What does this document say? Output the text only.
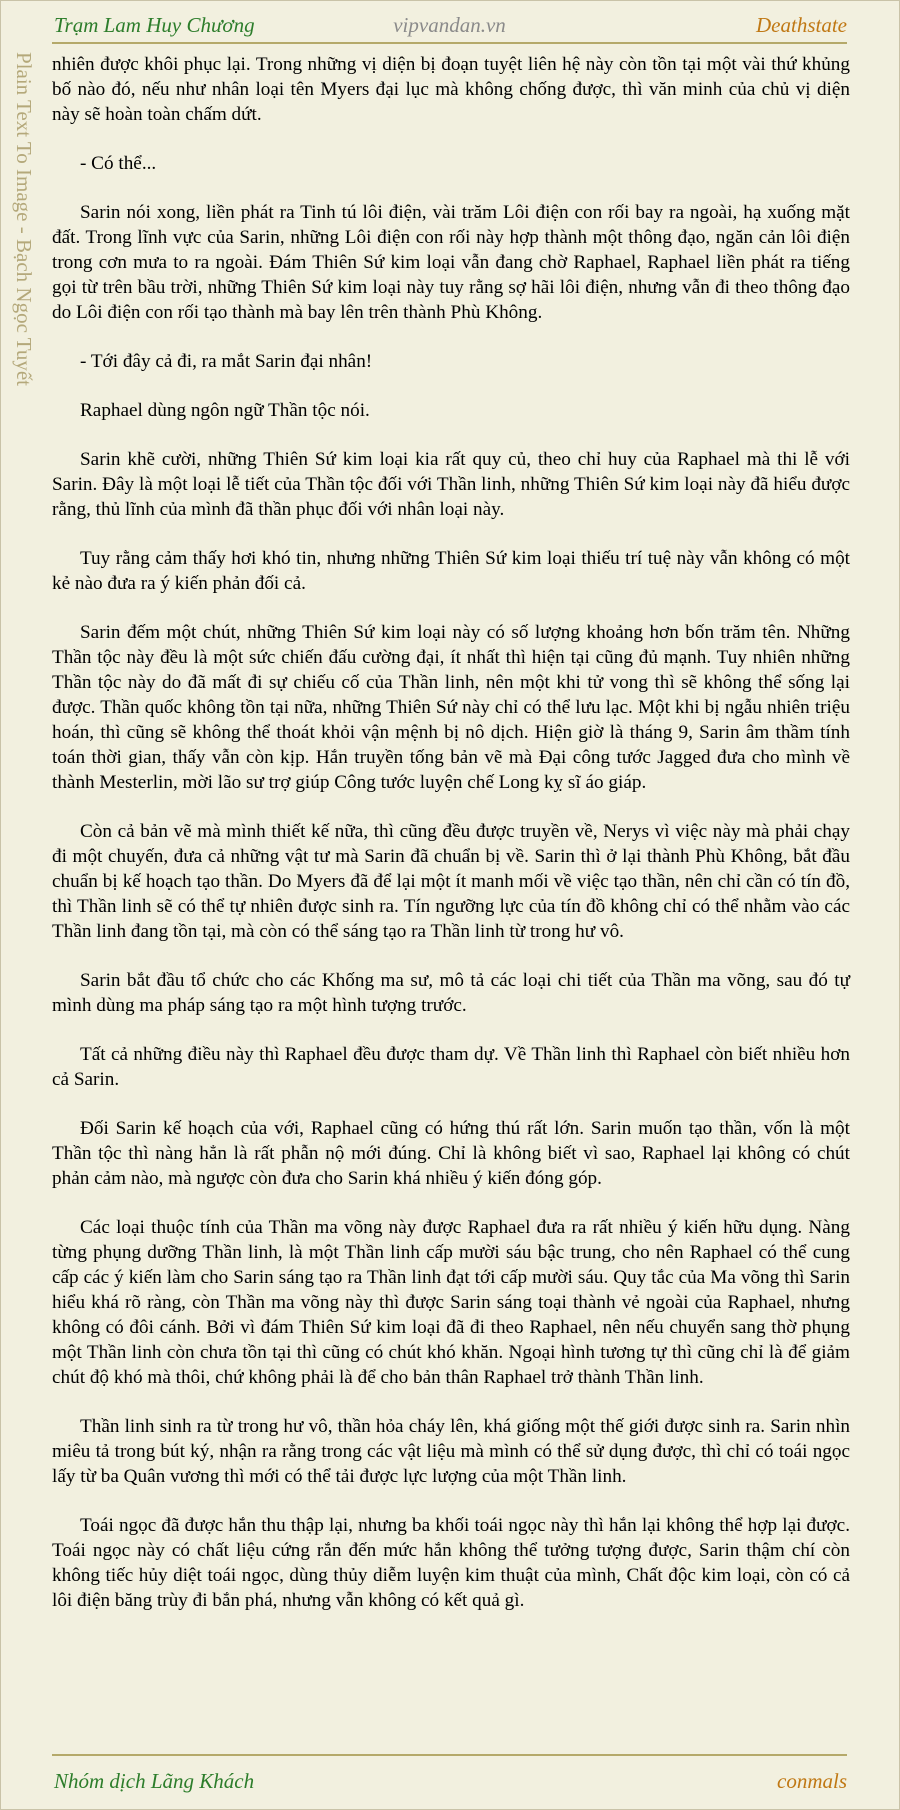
Trạm Lam Huy Chương	vipvandan.vn	Deathstate
Plain Text To Image - Bạch Ngọc Tuyết nhiên được khôi phục lại. Trong những vị diện bị đoạn tuyệt liên hệ này còn tồn tại một vài thứ khủng bố nào đó, nếu như nhân loại tên Myers đại lục mà không chống được, thì văn minh của chủ vị diện này sẽ hoàn toàn chấm dứt.

- Có thể...

Sarin nói xong, liền phát ra Tinh tú lôi điện, vài trăm Lôi điện con rối bay ra ngoài, hạ xuống mặt đất. Trong lĩnh vực của Sarin, những Lôi điện con rối này hợp thành một thông đạo, ngăn cản lôi điện trong cơn mưa to ra ngoài. Đám Thiên Sứ kim loại vẫn đang chờ Raphael, Raphael liền phát ra tiếng gọi từ trên bầu trời, những Thiên Sứ kim loại này tuy rằng sợ hãi lôi điện, nhưng vẫn đi theo thông đạo do Lôi điện con rối tạo thành mà bay lên trên thành Phù Không.

- Tới đây cả đi, ra mắt Sarin đại nhân!

Raphael dùng ngôn ngữ Thần tộc nói.

Sarin khẽ cười, những Thiên Sứ kim loại kia rất quy củ, theo chỉ huy của Raphael mà thi lễ với Sarin. Đây là một loại lễ tiết của Thần tộc đối với Thần linh, những Thiên Sứ kim loại này đã hiểu được rằng, thủ lĩnh của mình đã thần phục đối với nhân loại này.

Tuy rằng cảm thấy hơi khó tin, nhưng những Thiên Sứ kim loại thiếu trí tuệ này vẫn không có một kẻ nào đưa ra ý kiến phản đối cả.

Sarin đếm một chút, những Thiên Sứ kim loại này có số lượng khoảng hơn bốn trăm tên. Những Thần tộc này đều là một sức chiến đấu cường đại, ít nhất thì hiện tại cũng đủ mạnh. Tuy nhiên những Thần tộc này do đã mất đi sự chiếu cố của Thần linh, nên một khi tử vong thì sẽ không thể sống lại được. Thần quốc không tồn tại nữa, những Thiên Sứ này chỉ có thể lưu lạc. Một khi bị ngẫu nhiên triệu hoán, thì cũng sẽ không thể thoát khỏi vận mệnh bị nô dịch. Hiện giờ là tháng 9, Sarin âm thầm tính toán thời gian, thấy vẫn còn kịp. Hắn truyền tống bản vẽ mà Đại công tước Jagged đưa cho mình về thành Mesterlin, mời lão sư trợ giúp Công tước luyện chế Long kỵ sĩ áo giáp.

Còn cả bản vẽ mà mình thiết kế nữa, thì cũng đều được truyền về, Nerys vì việc này mà phải chạy đi một chuyến, đưa cả những vật tư mà Sarin đã chuẩn bị về. Sarin thì ở lại thành Phù Không, bắt đầu chuẩn bị kế hoạch tạo thần. Do Myers đã để lại một ít manh mối về việc tạo thần, nên chỉ cần có tín đồ, thì Thần linh sẽ có thể tự nhiên được sinh ra. Tín ngưỡng lực của tín đồ không chỉ có thể nhằm vào các Thần linh đang tồn tại, mà còn có thể sáng tạo ra Thần linh từ trong hư vô.

Sarin bắt đầu tổ chức cho các Khống ma sư, mô tả các loại chi tiết của Thần ma võng, sau đó tự mình dùng ma pháp sáng tạo ra một hình tượng trước.

Tất cả những điều này thì Raphael đều được tham dự. Về Thần linh thì Raphael còn biết nhiều hơn cả Sarin.

Đối Sarin kế hoạch của với, Raphael cũng có hứng thú rất lớn. Sarin muốn tạo thần, vốn là một Thần tộc thì nàng hẳn là rất phẫn nộ mới đúng. Chỉ là không biết vì sao, Raphael lại không có chút phản cảm nào, mà ngược còn đưa cho Sarin khá nhiều ý kiến đóng góp.

Các loại thuộc tính của Thần ma võng này được Raphael đưa ra rất nhiều ý kiến hữu dụng. Nàng từng phụng dưỡng Thần linh, là một Thần linh cấp mười sáu bậc trung, cho nên Raphael có thể cung cấp các ý kiến làm cho Sarin sáng tạo ra Thần linh đạt tới cấp mười sáu. Quy tắc của Ma võng thì Sarin hiểu khá rõ ràng, còn Thần ma võng này thì được Sarin sáng toại thành vẻ ngoài của Raphael, nhưng không có đôi cánh. Bởi vì đám Thiên Sứ kim loại đã đi theo Raphael, nên nếu chuyển sang thờ phụng một Thần linh còn chưa tồn tại thì cũng có chút khó khăn. Ngoại hình tương tự thì cũng chỉ là để giảm chút độ khó mà thôi, chứ không phải là để cho bản thân Raphael trở thành Thần linh.

Thần linh sinh ra từ trong hư vô, thần hỏa cháy lên, khá giống một thế giới được sinh ra. Sarin nhìn miêu tả trong bút ký, nhận ra rằng trong các vật liệu mà mình có thể sử dụng được, thì chỉ có toái ngọc lấy từ ba Quân vương thì mới có thể tải được lực lượng của một Thần linh.

Toái ngọc đã được hắn thu thập lại, nhưng ba khối toái ngọc này thì hắn lại không thể hợp lại được. Toái ngọc này có chất liệu cứng rắn đến mức hắn không thể tưởng tượng được, Sarin thậm chí còn không tiếc hủy diệt toái ngọc, dùng thủy diễm luyện kim thuật của mình, Chất độc kim loại, còn có cả lôi điện băng trùy đi bắn phá, nhưng vẫn không có kết quả gì.

Nhóm dịch Lãng Khách	conmals
